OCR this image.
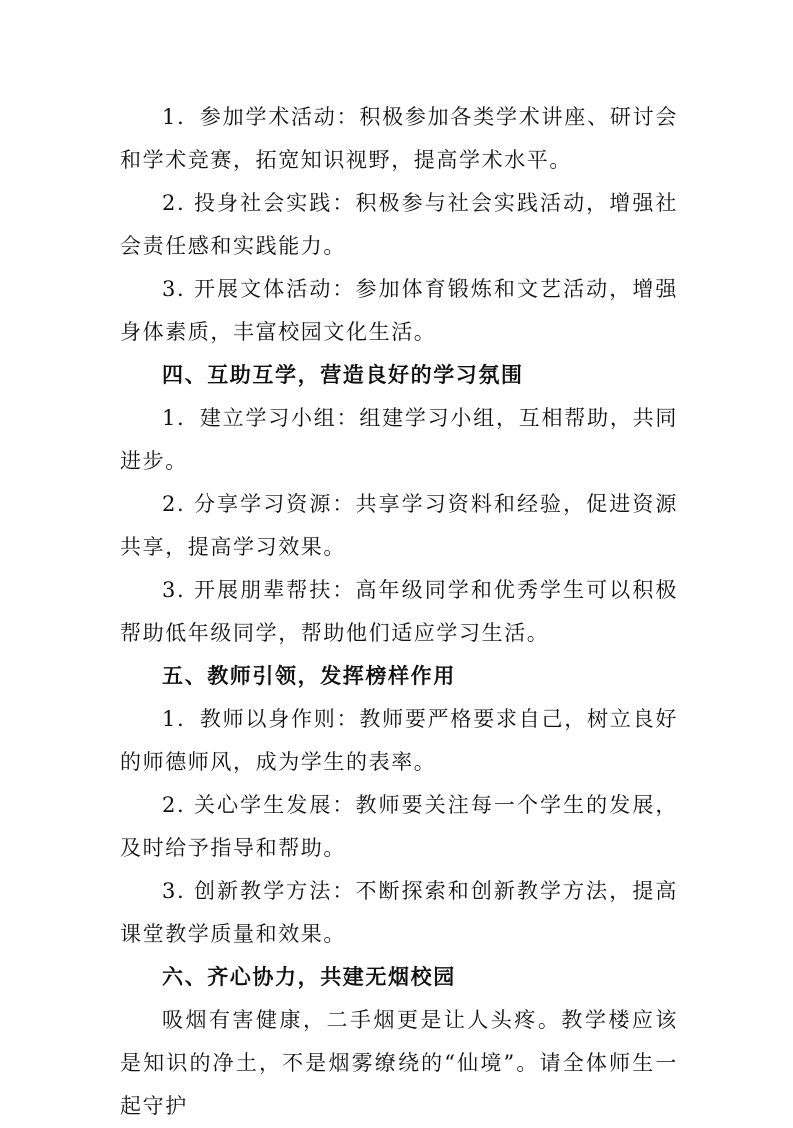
1．参加学术活动：积极参加各类学术讲座、研讨会和学术竞赛，拓宽知识视野，提高学术水平。

2. 投身社会实践：积极参与社会实践活动，增强社会责任感和实践能力。

3. 开展文体活动：参加体育锻炼和文艺活动，增强身体素质，丰富校园文化生活。

四、互助互学，营造良好的学习氛围

1．建立学习小组：组建学习小组，互相帮助，共同进步。

2. 分享学习资源：共享学习资料和经验，促进资源共享，提高学习效果。

3. 开展朋辈帮扶：高年级同学和优秀学生可以积极帮助低年级同学，帮助他们适应学习生活。

五、教师引领，发挥榜样作用

1．教师以身作则：教师要严格要求自己，树立良好的师德师风，成为学生的表率。

2. 关心学生发展：教师要关注每一个学生的发展，及时给予指导和帮助。

3. 创新教学方法：不断探索和创新教学方法，提高课堂教学质量和效果。

六、齐心协力，共建无烟校园

吸烟有害健康，二手烟更是让人头疼。教学楼应该是知识的净土，不是烟雾缭绕的“仙境”。请全体师生一起守护
